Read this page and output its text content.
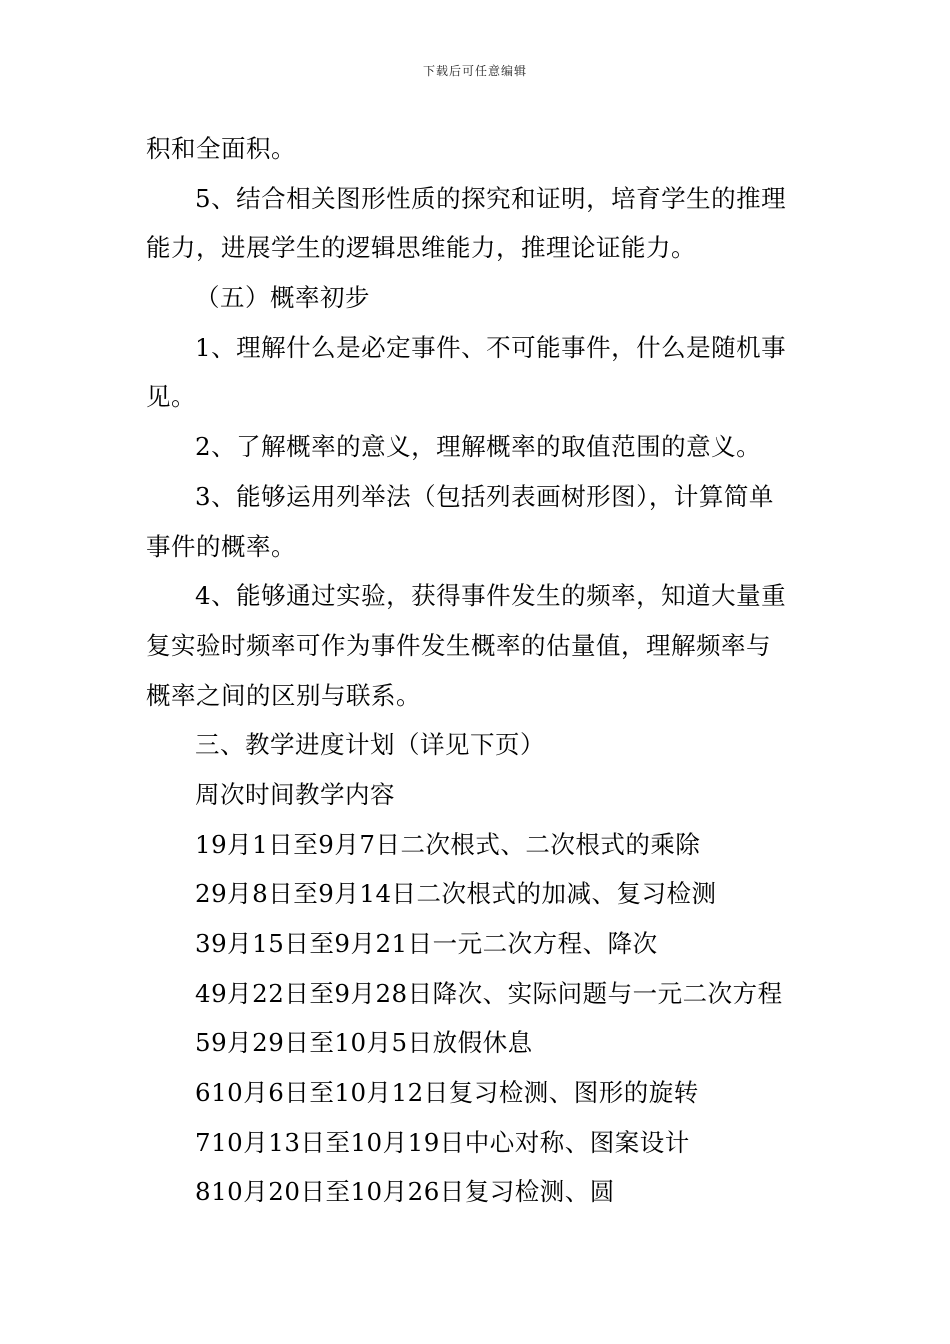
下载后可任意编辑
积和全面积。
5、结合相关图形性质的探究和证明，培育学生的推理
能力，进展学生的逻辑思维能力，推理论证能力。
（五）概率初步
1、理解什么是必定事件、不可能事件，什么是随机事
见。
2、了解概率的意义，理解概率的取值范围的意义。
3、能够运用列举法（包括列表画树形图），计算简单
事件的概率。
4、能够通过实验，获得事件发生的频率，知道大量重
复实验时频率可作为事件发生概率的估量值，理解频率与
概率之间的区别与联系。
三、教学进度计划（详见下页）
周次时间教学内容
19月1日至9月7日二次根式、二次根式的乘除
29月8日至9月14日二次根式的加减、复习检测
39月15日至9月21日一元二次方程、降次
49月22日至9月28日降次、实际问题与一元二次方程
59月29日至10月5日放假休息
610月6日至10月12日复习检测、图形的旋转
710月13日至10月19日中心对称、图案设计
810月20日至10月26日复习检测、圆
